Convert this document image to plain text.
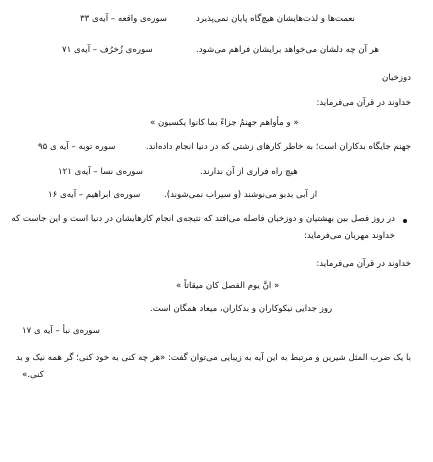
نعمت‌ها و لذت‌هایشان هیچ‌گاه پایان نمی‌پذیرد
سوره‌ی واقعه – آیه‌ی ۳۳
هر آن چه دلشان می‌خواهد برایشان فراهم می‌شود.
سوره‌ی زُخرُف – آیه‌ی ۷۱
دوزخیان
خداوند در قرآن می‌فرماید:
« و مأواهم جهنمُ جزاءً بما کانوا یکسبون »
جهنم جایگاه بدکاران است؛ به خاطر کارهای زشتی که در دنیا انجام داده‌اند.
سوره توبه – آیه ی ۹۵
هیچ راه فراری از آن ندارند.
سوره‌ی نسا – آیه‌ی ۱۲۱
از آبی بدبو می‌نوشند (و سیراب نمی‌شوند).
سوره‌ی ابراهیم – آیه‌ی ۱۶
در روز فصل بین بهشتیان و دوزخیان فاصله می‌افتد که نتیجه‌ی انجام کارهایشان در دنیا است و این جاست که
خداوند مهربان می‌فرماید:
خداوند در قرآن می‌فرماید:
« انَّ یوم الفصل کان میقاتاً »
روز جدایی نیکوکاران و بدکاران، میعاد همگان است.
سوره‌ی نبأ – آیه ی ۱۷
با یک ضرب المثل شیرین و مرتبط به این آیه به زیبایی می‌توان گفت: «هر چه کنی به خود کنی؛ گر همه نیک و بد
کنی.»
